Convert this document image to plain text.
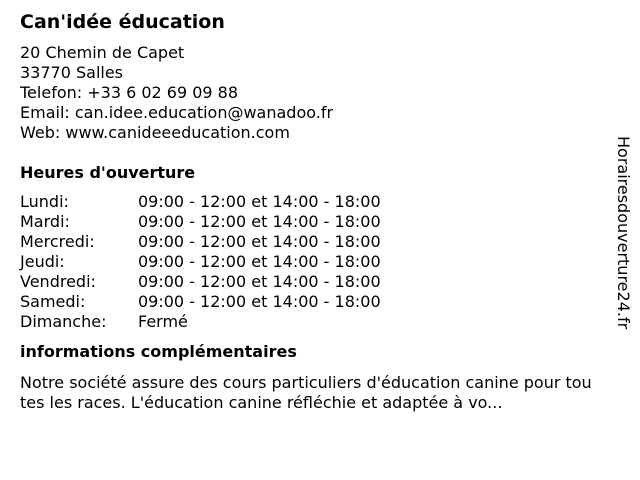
Can'idée éducation
20 Chemin de Capet
33770 Salles
Telefon: +33 6 02 69 09 88
Email: can.idee.education@wanadoo.fr
Web: www.canideeeducation.com
Heures d'ouverture
Lundi:	09:00 - 12:00 et 14:00 - 18:00
Mardi:	09:00 - 12:00 et 14:00 - 18:00
Mercredi:	09:00 - 12:00 et 14:00 - 18:00
Jeudi:	09:00 - 12:00 et 14:00 - 18:00
Vendredi:	09:00 - 12:00 et 14:00 - 18:00
Samedi:	09:00 - 12:00 et 14:00 - 18:00
Dimanche:	Fermé
informations complémentaires
Notre société assure des cours particuliers d'éducation canine pour toutes les races. L'éducation canine réfléchie et adaptée à vo...
Horairesdouverture24.fr
